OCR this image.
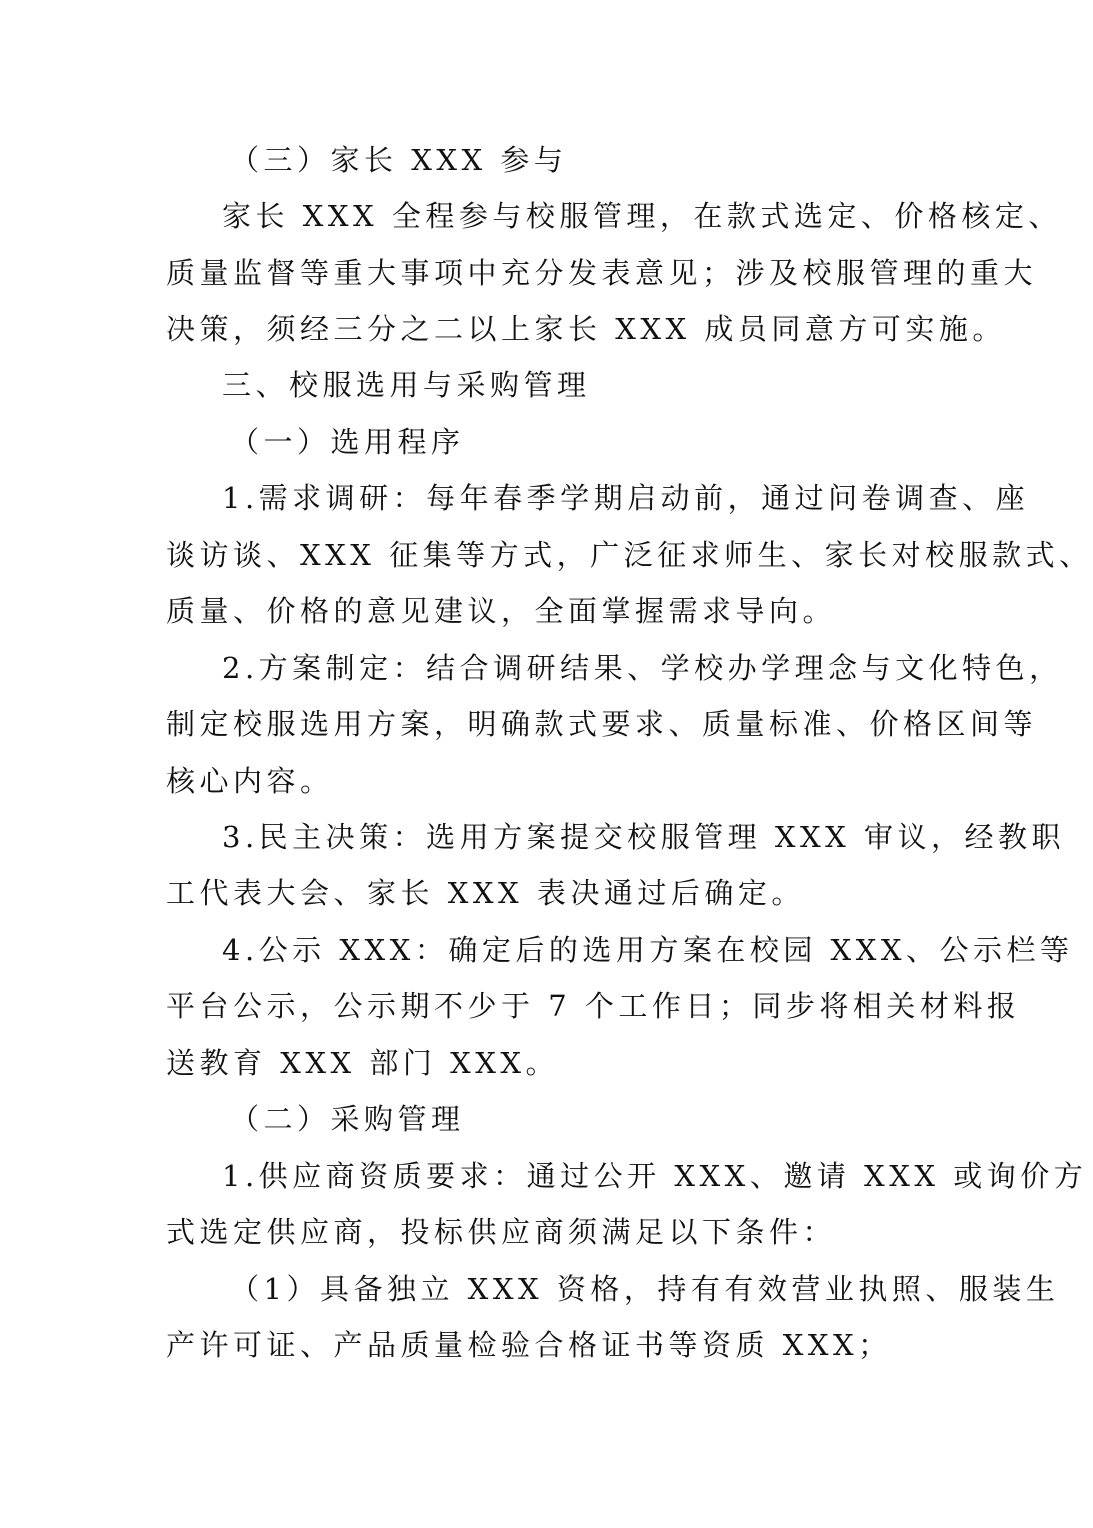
（三）家长 XXX 参与
家长 XXX 全程参与校服管理，在款式选定、价格核定、
质量监督等重大事项中充分发表意见；涉及校服管理的重大
决策，须经三分之二以上家长 XXX 成员同意方可实施。
三、校服选用与采购管理
（一）选用程序
1.需求调研：每年春季学期启动前，通过问卷调查、座
谈访谈、XXX 征集等方式，广泛征求师生、家长对校服款式、
质量、价格的意见建议，全面掌握需求导向。
2.方案制定：结合调研结果、学校办学理念与文化特色，
制定校服选用方案，明确款式要求、质量标准、价格区间等
核心内容。
3.民主决策：选用方案提交校服管理 XXX 审议，经教职
工代表大会、家长 XXX 表决通过后确定。
4.公示 XXX：确定后的选用方案在校园 XXX、公示栏等
平台公示，公示期不少于 7 个工作日；同步将相关材料报
送教育 XXX 部门 XXX。
（二）采购管理
1.供应商资质要求：通过公开 XXX、邀请 XXX 或询价方
式选定供应商，投标供应商须满足以下条件：
（1）具备独立 XXX 资格，持有有效营业执照、服装生
产许可证、产品质量检验合格证书等资质 XXX；
